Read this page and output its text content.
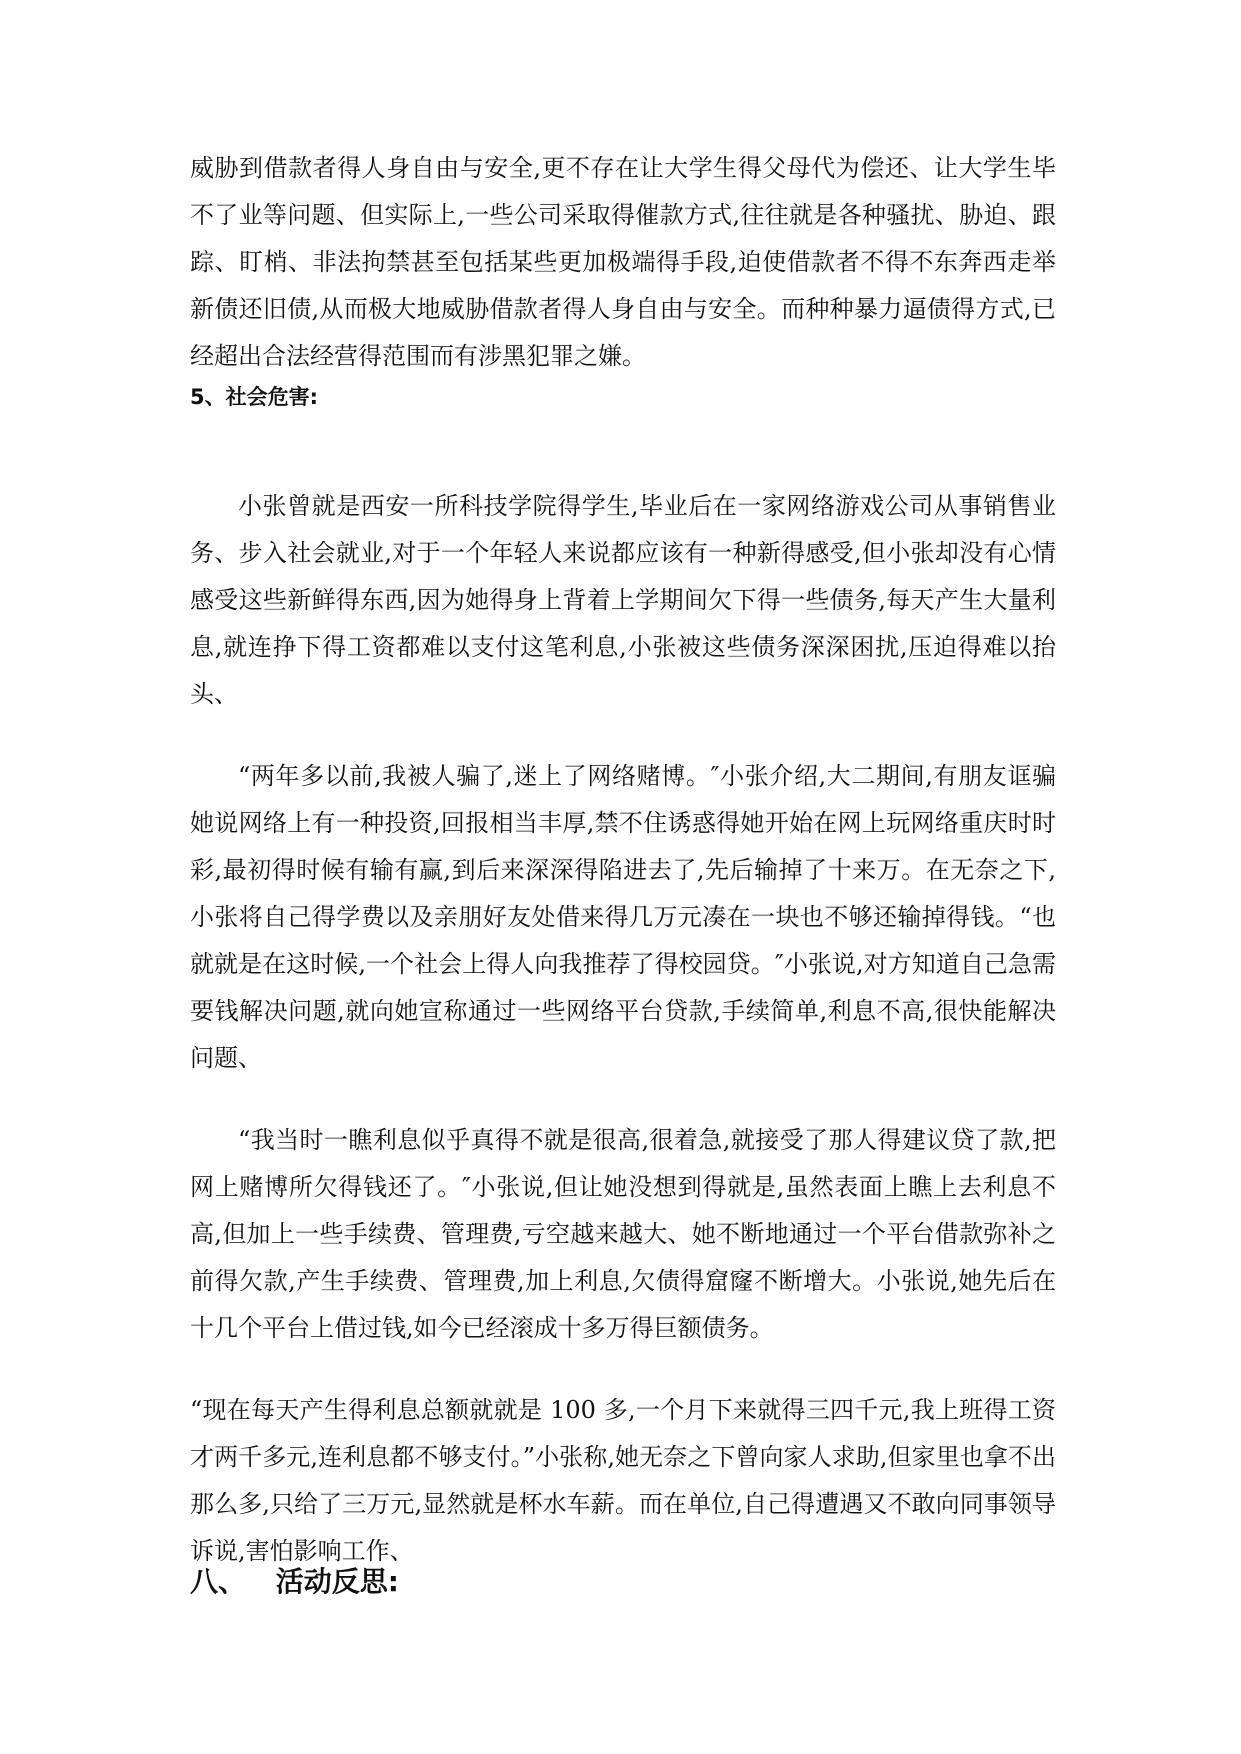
威胁到借款者得人身自由与安全,更不存在让大学生得父母代为偿还、让大学生毕不了业等问题、但实际上,一些公司采取得催款方式,往往就是各种骚扰、胁迫、跟踪、盯梢、非法拘禁甚至包括某些更加极端得手段,迫使借款者不得不东奔西走举新债还旧债,从而极大地威胁借款者得人身自由与安全。而种种暴力逼债得方式,已经超出合法经营得范围而有涉黑犯罪之嫌。

5、社会危害:

小张曾就是西安一所科技学院得学生,毕业后在一家网络游戏公司从事销售业务、步入社会就业,对于一个年轻人来说都应该有一种新得感受,但小张却没有心情感受这些新鲜得东西,因为她得身上背着上学期间欠下得一些债务,每天产生大量利息,就连挣下得工资都难以支付这笔利息,小张被这些债务深深困扰,压迫得难以抬头、

“两年多以前,我被人骗了,迷上了网络赌博。″小张介绍,大二期间,有朋友诓骗她说网络上有一种投资,回报相当丰厚,禁不住诱惑得她开始在网上玩网络重庆时时彩,最初得时候有输有赢,到后来深深得陷进去了,先后输掉了十来万。在无奈之下,小张将自己得学费以及亲朋好友处借来得几万元凑在一块也不够还输掉得钱。“也就就是在这时候,一个社会上得人向我推荐了得校园贷。″小张说,对方知道自己急需要钱解决问题,就向她宣称通过一些网络平台贷款,手续简单,利息不高,很快能解决问题、

“我当时一瞧利息似乎真得不就是很高,很着急,就接受了那人得建议贷了款,把网上赌博所欠得钱还了。″小张说,但让她没想到得就是,虽然表面上瞧上去利息不高,但加上一些手续费、管理费,亏空越来越大、她不断地通过一个平台借款弥补之前得欠款,产生手续费、管理费,加上利息,欠债得窟窿不断增大。小张说,她先后在十几个平台上借过钱,如今已经滚成十多万得巨额债务。

“现在每天产生得利息总额就就是 100 多,一个月下来就得三四千元,我上班得工资才两千多元,连利息都不够支付。”小张称,她无奈之下曾向家人求助,但家里也拿不出那么多,只给了三万元,显然就是杯水车薪。而在单位,自己得遭遇又不敢向同事领导诉说,害怕影响工作、

八、 活动反思:
